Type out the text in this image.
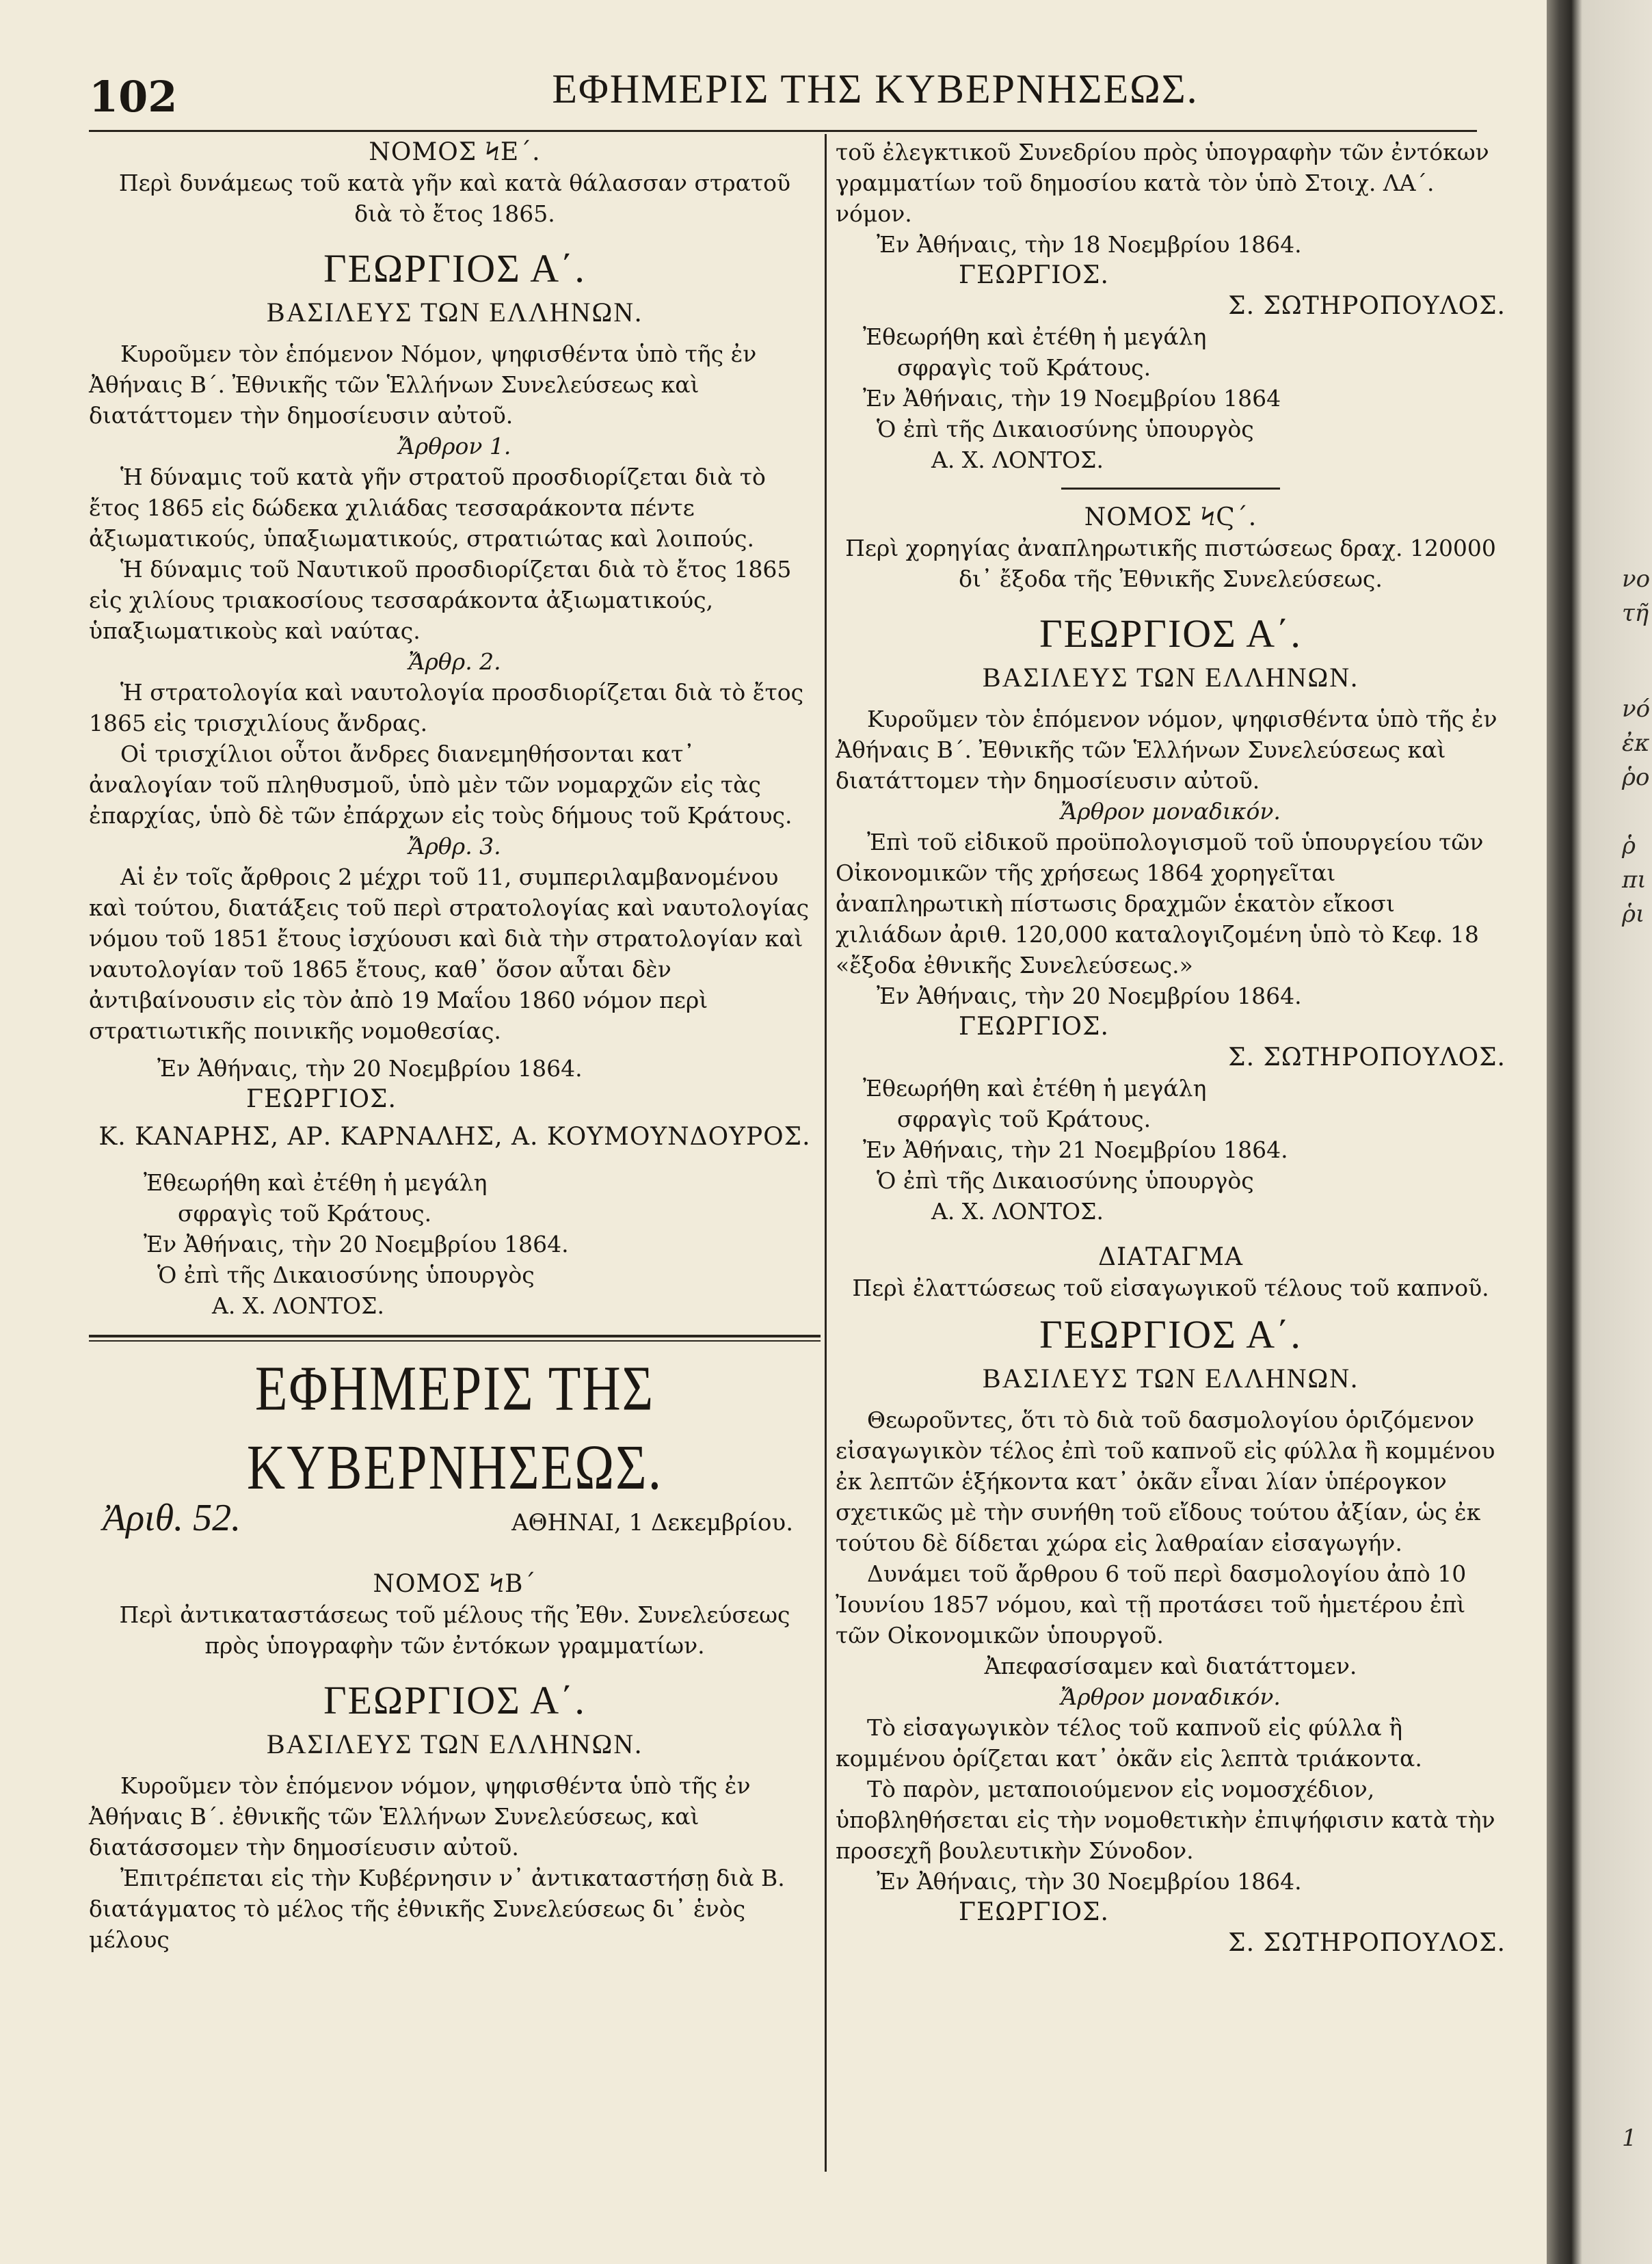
νο
τῆ
νό
ἐκ
ῥο
ῥ
πι
ῥι
1
102	ΕΦΗΜΕΡΙΣ ΤΗΣ ΚΥΒΕΡΝΗΣΕΩΣ.
ΝΟΜΟΣ ϞΕ΄.
Περὶ δυνάμεως τοῦ κατὰ γῆν καὶ κατὰ θάλασσαν στρατοῦ
διὰ τὸ ἔτος 1865.
ΓΕΩΡΓΙΟΣ Α΄.
ΒΑΣΙΛΕΥΣ ΤΩΝ ΕΛΛΗΝΩΝ.
Κυροῦμεν τὸν ἑπόμενον Νόμον, ψηφισθέντα ὑπὸ τῆς ἐν Ἀθήναις Β΄. Ἐθνικῆς τῶν Ἑλλήνων Συνελεύσεως καὶ διατάττομεν τὴν δημοσίευσιν αὐτοῦ.
Ἄρθρον 1.
Ἡ δύναμις τοῦ κατὰ γῆν στρατοῦ προσδιορίζεται διὰ τὸ ἔτος 1865 εἰς δώδεκα χιλιάδας τεσσαράκοντα πέντε ἀξιωματικούς, ὑπαξιωματικούς, στρατιώτας καὶ λοιπούς.
Ἡ δύναμις τοῦ Ναυτικοῦ προσδιορίζεται διὰ τὸ ἔτος 1865 εἰς χιλίους τριακοσίους τεσσαράκοντα ἀξιωματικούς, ὑπαξιωματικοὺς καὶ ναύτας.
Ἄρθρ. 2.
Ἡ στρατολογία καὶ ναυτολογία προσδιορίζεται διὰ τὸ ἔτος 1865 εἰς τρισχιλίους ἄνδρας.
Οἱ τρισχίλιοι οὗτοι ἄνδρες διανεμηθήσονται κατ᾽ ἀναλογίαν τοῦ πληθυσμοῦ, ὑπὸ μὲν τῶν νομαρχῶν εἰς τὰς ἐπαρχίας, ὑπὸ δὲ τῶν ἐπάρχων εἰς τοὺς δήμους τοῦ Κράτους.
Ἄρθρ. 3.
Αἱ ἐν τοῖς ἄρθροις 2 μέχρι τοῦ 11, συμπεριλαμβανομένου καὶ τούτου, διατάξεις τοῦ περὶ στρατολογίας καὶ ναυτολογίας νόμου τοῦ 1851 ἔτους ἰσχύουσι καὶ διὰ τὴν στρατολογίαν καὶ ναυτολογίαν τοῦ 1865 ἔτους, καθ᾽ ὅσον αὗται δὲν ἀντιβαίνουσιν εἰς τὸν ἀπὸ 19 Μαΐου 1860 νόμον περὶ στρατιωτικῆς ποινικῆς νομοθεσίας.
Ἐν Ἀθήναις, τὴν 20 Νοεμβρίου 1864.
ΓΕΩΡΓΙΟΣ.
Κ. ΚΑΝΑΡΗΣ, ΑΡ. ΚΑΡΝΑΛΗΣ, Α. ΚΟΥΜΟΥΝΔΟΥΡΟΣ.
Ἐθεωρήθη καὶ ἐτέθη ἡ μεγάλη
σφραγὶς τοῦ Κράτους.
Ἐν Ἀθήναις, τὴν 20 Νοεμβρίου 1864.
Ὁ ἐπὶ τῆς Δικαιοσύνης ὑπουργὸς
Α. Χ. ΛΟΝΤΟΣ.
ΕΦΗΜΕΡΙΣ ΤΗΣ ΚΥΒΕΡΝΗΣΕΩΣ.
Ἀριθ. 52.	ΑΘΗΝΑΙ, 1 Δεκεμβρίου.
ΝΟΜΟΣ ϞΒ΄
Περὶ ἀντικαταστάσεως τοῦ μέλους τῆς Ἐθν. Συνελεύσεως
πρὸς ὑπογραφὴν τῶν ἐντόκων γραμματίων.
ΓΕΩΡΓΙΟΣ Α΄.
ΒΑΣΙΛΕΥΣ ΤΩΝ ΕΛΛΗΝΩΝ.
Κυροῦμεν τὸν ἑπόμενον νόμον, ψηφισθέντα ὑπὸ τῆς ἐν Ἀθήναις Β΄. ἐθνικῆς τῶν Ἑλλήνων Συνελεύσεως, καὶ διατάσσομεν τὴν δημοσίευσιν αὐτοῦ.
Ἐπιτρέπεται εἰς τὴν Κυβέρνησιν ν᾽ ἀντικαταστήσῃ διὰ Β. διατάγματος τὸ μέλος τῆς ἐθνικῆς Συνελεύσεως δι᾽ ἑνὸς μέλους
τοῦ ἐλεγκτικοῦ Συνεδρίου πρὸς ὑπογραφὴν τῶν ἐντόκων γραμματίων τοῦ δημοσίου κατὰ τὸν ὑπὸ Στοιχ. ΛΑ΄. νόμον.
Ἐν Ἀθήναις, τὴν 18 Νοεμβρίου 1864.
ΓΕΩΡΓΙΟΣ.
Σ. ΣΩΤΗΡΟΠΟΥΛΟΣ.
Ἐθεωρήθη καὶ ἐτέθη ἡ μεγάλη
σφραγὶς τοῦ Κράτους.
Ἐν Ἀθήναις, τὴν 19 Νοεμβρίου 1864
Ὁ ἐπὶ τῆς Δικαιοσύνης ὑπουργὸς
Α. Χ. ΛΟΝΤΟΣ.
ΝΟΜΟΣ ϞϚ΄.
Περὶ χορηγίας ἀναπληρωτικῆς πιστώσεως δραχ. 120000
δι᾽ ἔξοδα τῆς Ἐθνικῆς Συνελεύσεως.
ΓΕΩΡΓΙΟΣ Α΄.
ΒΑΣΙΛΕΥΣ ΤΩΝ ΕΛΛΗΝΩΝ.
Κυροῦμεν τὸν ἑπόμενον νόμον, ψηφισθέντα ὑπὸ τῆς ἐν Ἀθήναις Β΄. Ἐθνικῆς τῶν Ἑλλήνων Συνελεύσεως καὶ διατάττομεν τὴν δημοσίευσιν αὐτοῦ.
Ἄρθρον μοναδικόν.
Ἐπὶ τοῦ εἰδικοῦ προϋπολογισμοῦ τοῦ ὑπουργείου τῶν Οἰκονομικῶν τῆς χρήσεως 1864 χορηγεῖται ἀναπληρωτικὴ πίστωσις δραχμῶν ἑκατὸν εἴκοσι χιλιάδων ἀριθ. 120,000 καταλογιζομένη ὑπὸ τὸ Κεφ. 18 «ἔξοδα ἐθνικῆς Συνελεύσεως.»
Ἐν Ἀθήναις, τὴν 20 Νοεμβρίου 1864.
ΓΕΩΡΓΙΟΣ.
Σ. ΣΩΤΗΡΟΠΟΥΛΟΣ.
Ἐθεωρήθη καὶ ἐτέθη ἡ μεγάλη
σφραγὶς τοῦ Κράτους.
Ἐν Ἀθήναις, τὴν 21 Νοεμβρίου 1864.
Ὁ ἐπὶ τῆς Δικαιοσύνης ὑπουργὸς
Α. Χ. ΛΟΝΤΟΣ.
ΔΙΑΤΑΓΜΑ
Περὶ ἐλαττώσεως τοῦ εἰσαγωγικοῦ τέλους τοῦ καπνοῦ.
ΓΕΩΡΓΙΟΣ Α΄.
ΒΑΣΙΛΕΥΣ ΤΩΝ ΕΛΛΗΝΩΝ.
Θεωροῦντες, ὅτι τὸ διὰ τοῦ δασμολογίου ὁριζόμενον εἰσαγωγικὸν τέλος ἐπὶ τοῦ καπνοῦ εἰς φύλλα ἢ κομμένου ἐκ λεπτῶν ἑξήκοντα κατ᾽ ὀκᾶν εἶναι λίαν ὑπέρογκον σχετικῶς μὲ τὴν συνήθη τοῦ εἴδους τούτου ἀξίαν, ὡς ἐκ τούτου δὲ δίδεται χώρα εἰς λαθραίαν εἰσαγωγήν.
Δυνάμει τοῦ ἄρθρου 6 τοῦ περὶ δασμολογίου ἀπὸ 10 Ἰουνίου 1857 νόμου, καὶ τῇ προτάσει τοῦ ἡμετέρου ἐπὶ τῶν Οἰκονομικῶν ὑπουργοῦ.
Ἀπεφασίσαμεν καὶ διατάττομεν.
Ἄρθρον μοναδικόν.
Τὸ εἰσαγωγικὸν τέλος τοῦ καπνοῦ εἰς φύλλα ἢ κομμένου ὁρίζεται κατ᾽ ὀκᾶν εἰς λεπτὰ τριάκοντα.
Τὸ παρὸν, μεταποιούμενον εἰς νομοσχέδιον, ὑποβληθήσεται εἰς τὴν νομοθετικὴν ἐπιψήφισιν κατὰ τὴν προσεχῆ βουλευτικὴν Σύνοδον.
Ἐν Ἀθήναις, τὴν 30 Νοεμβρίου 1864.
ΓΕΩΡΓΙΟΣ.
Σ. ΣΩΤΗΡΟΠΟΥΛΟΣ.
